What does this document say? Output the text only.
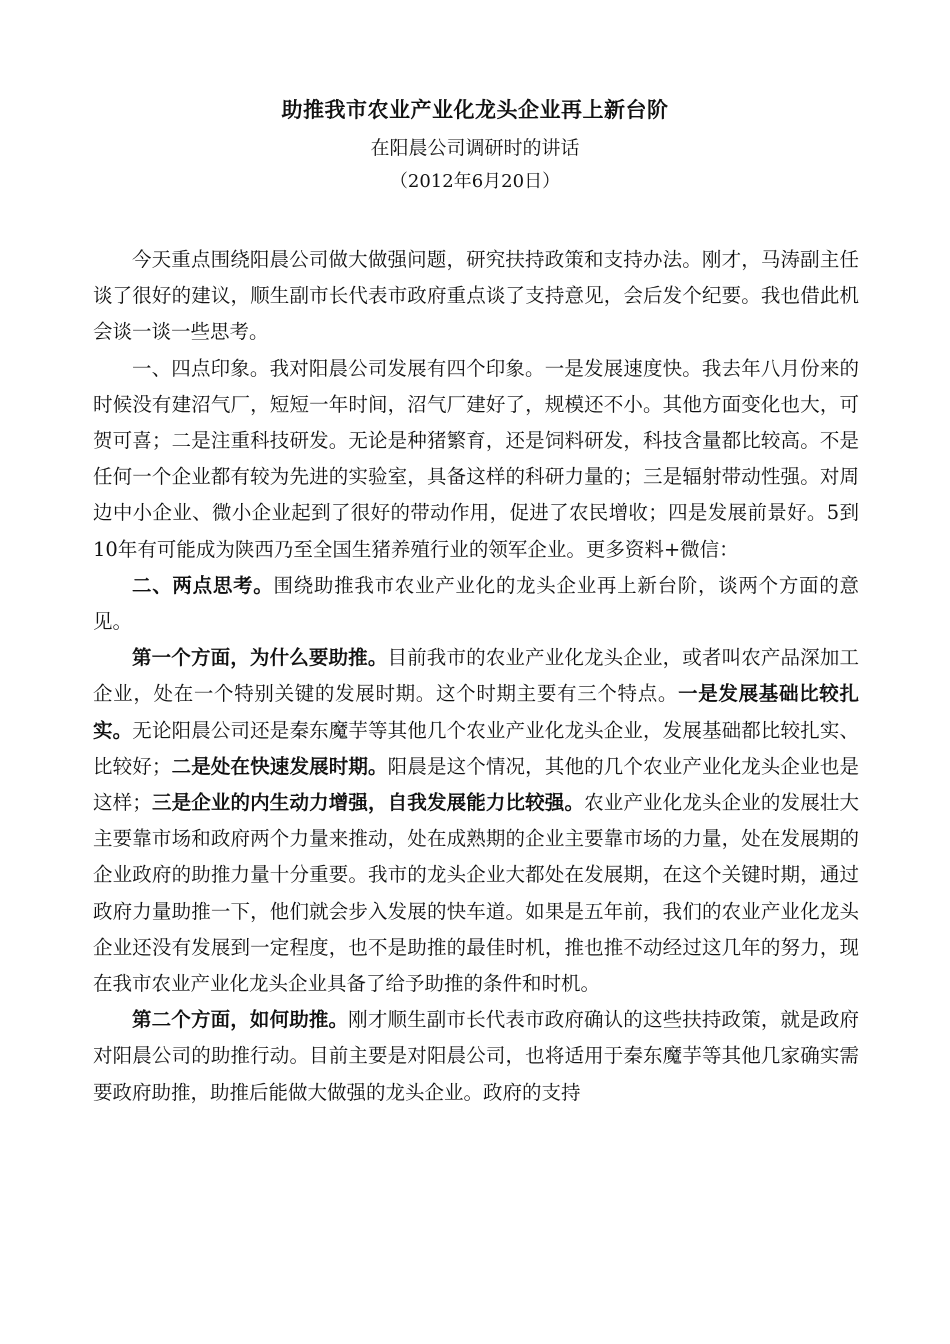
助推我市农业产业化龙头企业再上新台阶
在阳晨公司调研时的讲话
（2012年6月20日）

今天重点围绕阳晨公司做大做强问题，研究扶持政策和支持办法。刚才，马涛副主任谈了很好的建议，顺生副市长代表市政府重点谈了支持意见，会后发个纪要。我也借此机会谈一谈一些思考。

一、四点印象。我对阳晨公司发展有四个印象。一是发展速度快。我去年八月份来的时候没有建沼气厂，短短一年时间，沼气厂建好了，规模还不小。其他方面变化也大，可贺可喜；二是注重科技研发。无论是种猪繁育，还是饲料研发，科技含量都比较高。不是任何一个企业都有较为先进的实验室，具备这样的科研力量的；三是辐射带动性强。对周边中小企业、微小企业起到了很好的带动作用，促进了农民增收；四是发展前景好。5到10年有可能成为陕西乃至全国生猪养殖行业的领军企业。更多资料+微信：

二、两点思考。围绕助推我市农业产业化的龙头企业再上新台阶，谈两个方面的意见。

第一个方面，为什么要助推。目前我市的农业产业化龙头企业，或者叫农产品深加工企业，处在一个特别关键的发展时期。这个时期主要有三个特点。一是发展基础比较扎实。无论阳晨公司还是秦东魔芋等其他几个农业产业化龙头企业，发展基础都比较扎实、比较好；二是处在快速发展时期。阳晨是这个情况，其他的几个农业产业化龙头企业也是这样；三是企业的内生动力增强，自我发展能力比较强。农业产业化龙头企业的发展壮大主要靠市场和政府两个力量来推动，处在成熟期的企业主要靠市场的力量，处在发展期的企业政府的助推力量十分重要。我市的龙头企业大都处在发展期，在这个关键时期，通过政府力量助推一下，他们就会步入发展的快车道。如果是五年前，我们的农业产业化龙头企业还没有发展到一定程度，也不是助推的最佳时机，推也推不动经过这几年的努力，现在我市农业产业化龙头企业具备了给予助推的条件和时机。

第二个方面，如何助推。刚才顺生副市长代表市政府确认的这些扶持政策，就是政府对阳晨公司的助推行动。目前主要是对阳晨公司，也将适用于秦东魔芋等其他几家确实需要政府助推，助推后能做大做强的龙头企业。政府的支持
